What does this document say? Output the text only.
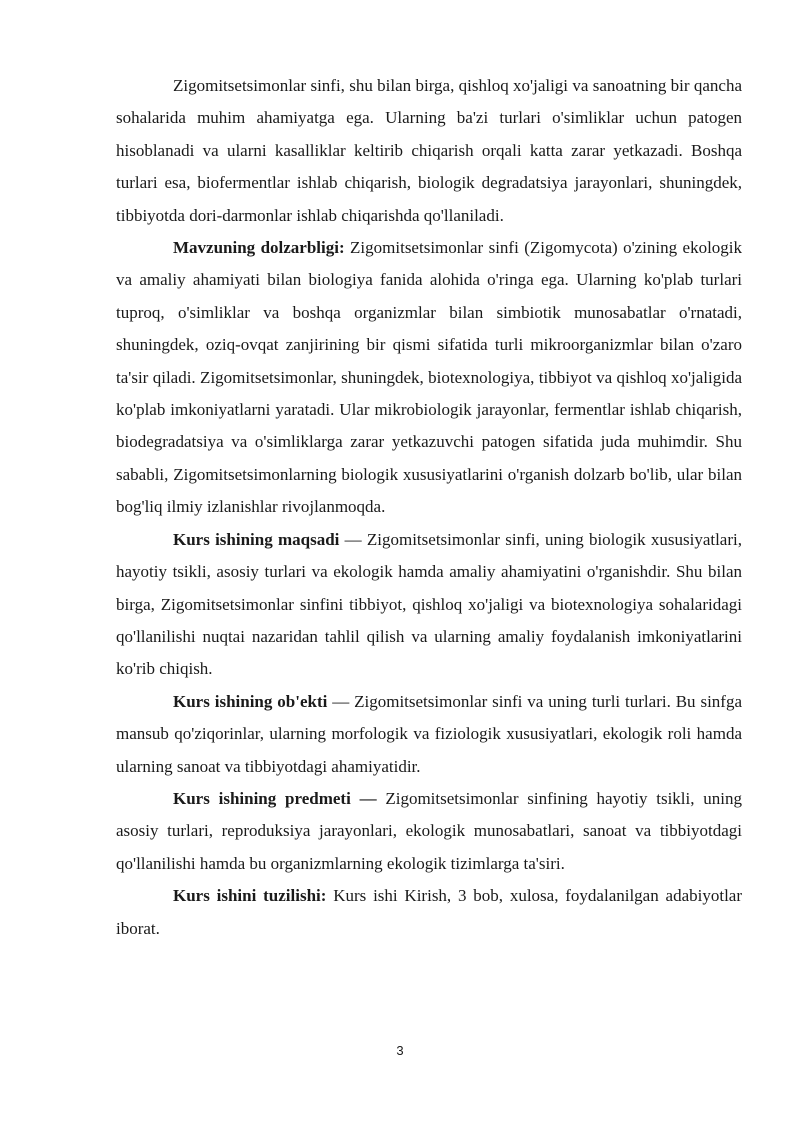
Zigomitsetsimonlar sinfi, shu bilan birga, qishloq xo'jaligi va sanoatning bir qancha sohalarida muhim ahamiyatga ega. Ularning ba'zi turlari o'simliklar uchun patogen hisoblanadi va ularni kasalliklar keltirib chiqarish orqali katta zarar yetkazadi. Boshqa turlari esa, biofermentlar ishlab chiqarish, biologik degradatsiya jarayonlari, shuningdek, tibbiyotda dori-darmonlar ishlab chiqarishda qo'llaniladi.

Mavzuning dolzarbligi: Zigomitsetsimonlar sinfi (Zigomycota) o'zining ekologik va amaliy ahamiyati bilan biologiya fanida alohida o'ringa ega. Ularning ko'plab turlari tuproq, o'simliklar va boshqa organizmlar bilan simbiotik munosabatlar o'rnatadi, shuningdek, oziq-ovqat zanjirining bir qismi sifatida turli mikroorganizmlar bilan o'zaro ta'sir qiladi. Zigomitsetsimonlar, shuningdek, biotexnologiya, tibbiyot va qishloq xo'jaligida ko'plab imkoniyatlarni yaratadi. Ular mikrobiologik jarayonlar, fermentlar ishlab chiqarish, biodegradatsiya va o'simliklarga zarar yetkazuvchi patogen sifatida juda muhimdir. Shu sababli, Zigomitsetsimonlarning biologik xususiyatlarini o'rganish dolzarb bo'lib, ular bilan bog'liq ilmiy izlanishlar rivojlanmoqda.

Kurs ishining maqsadi — Zigomitsetsimonlar sinfi, uning biologik xususiyatlari, hayotiy tsikli, asosiy turlari va ekologik hamda amaliy ahamiyatini o'rganishdir. Shu bilan birga, Zigomitsetsimonlar sinfini tibbiyot, qishloq xo'jaligi va biotexnologiya sohalaridagi qo'llanilishi nuqtai nazaridan tahlil qilish va ularning amaliy foydalanish imkoniyatlarini ko'rib chiqish.

Kurs ishining ob'ekti — Zigomitsetsimonlar sinfi va uning turli turlari. Bu sinfga mansub qo'ziqorinlar, ularning morfologik va fiziologik xususiyatlari, ekologik roli hamda ularning sanoat va tibbiyotdagi ahamiyatidir.

Kurs ishining predmeti — Zigomitsetsimonlar sinfining hayotiy tsikli, uning asosiy turlari, reproduksiya jarayonlari, ekologik munosabatlari, sanoat va tibbiyotdagi qo'llanilishi hamda bu organizmlarning ekologik tizimlarga ta'siri.

Kurs ishini tuzilishi: Kurs ishi Kirish, 3 bob, xulosa, foydalanilgan adabiyotlar iborat.

3
